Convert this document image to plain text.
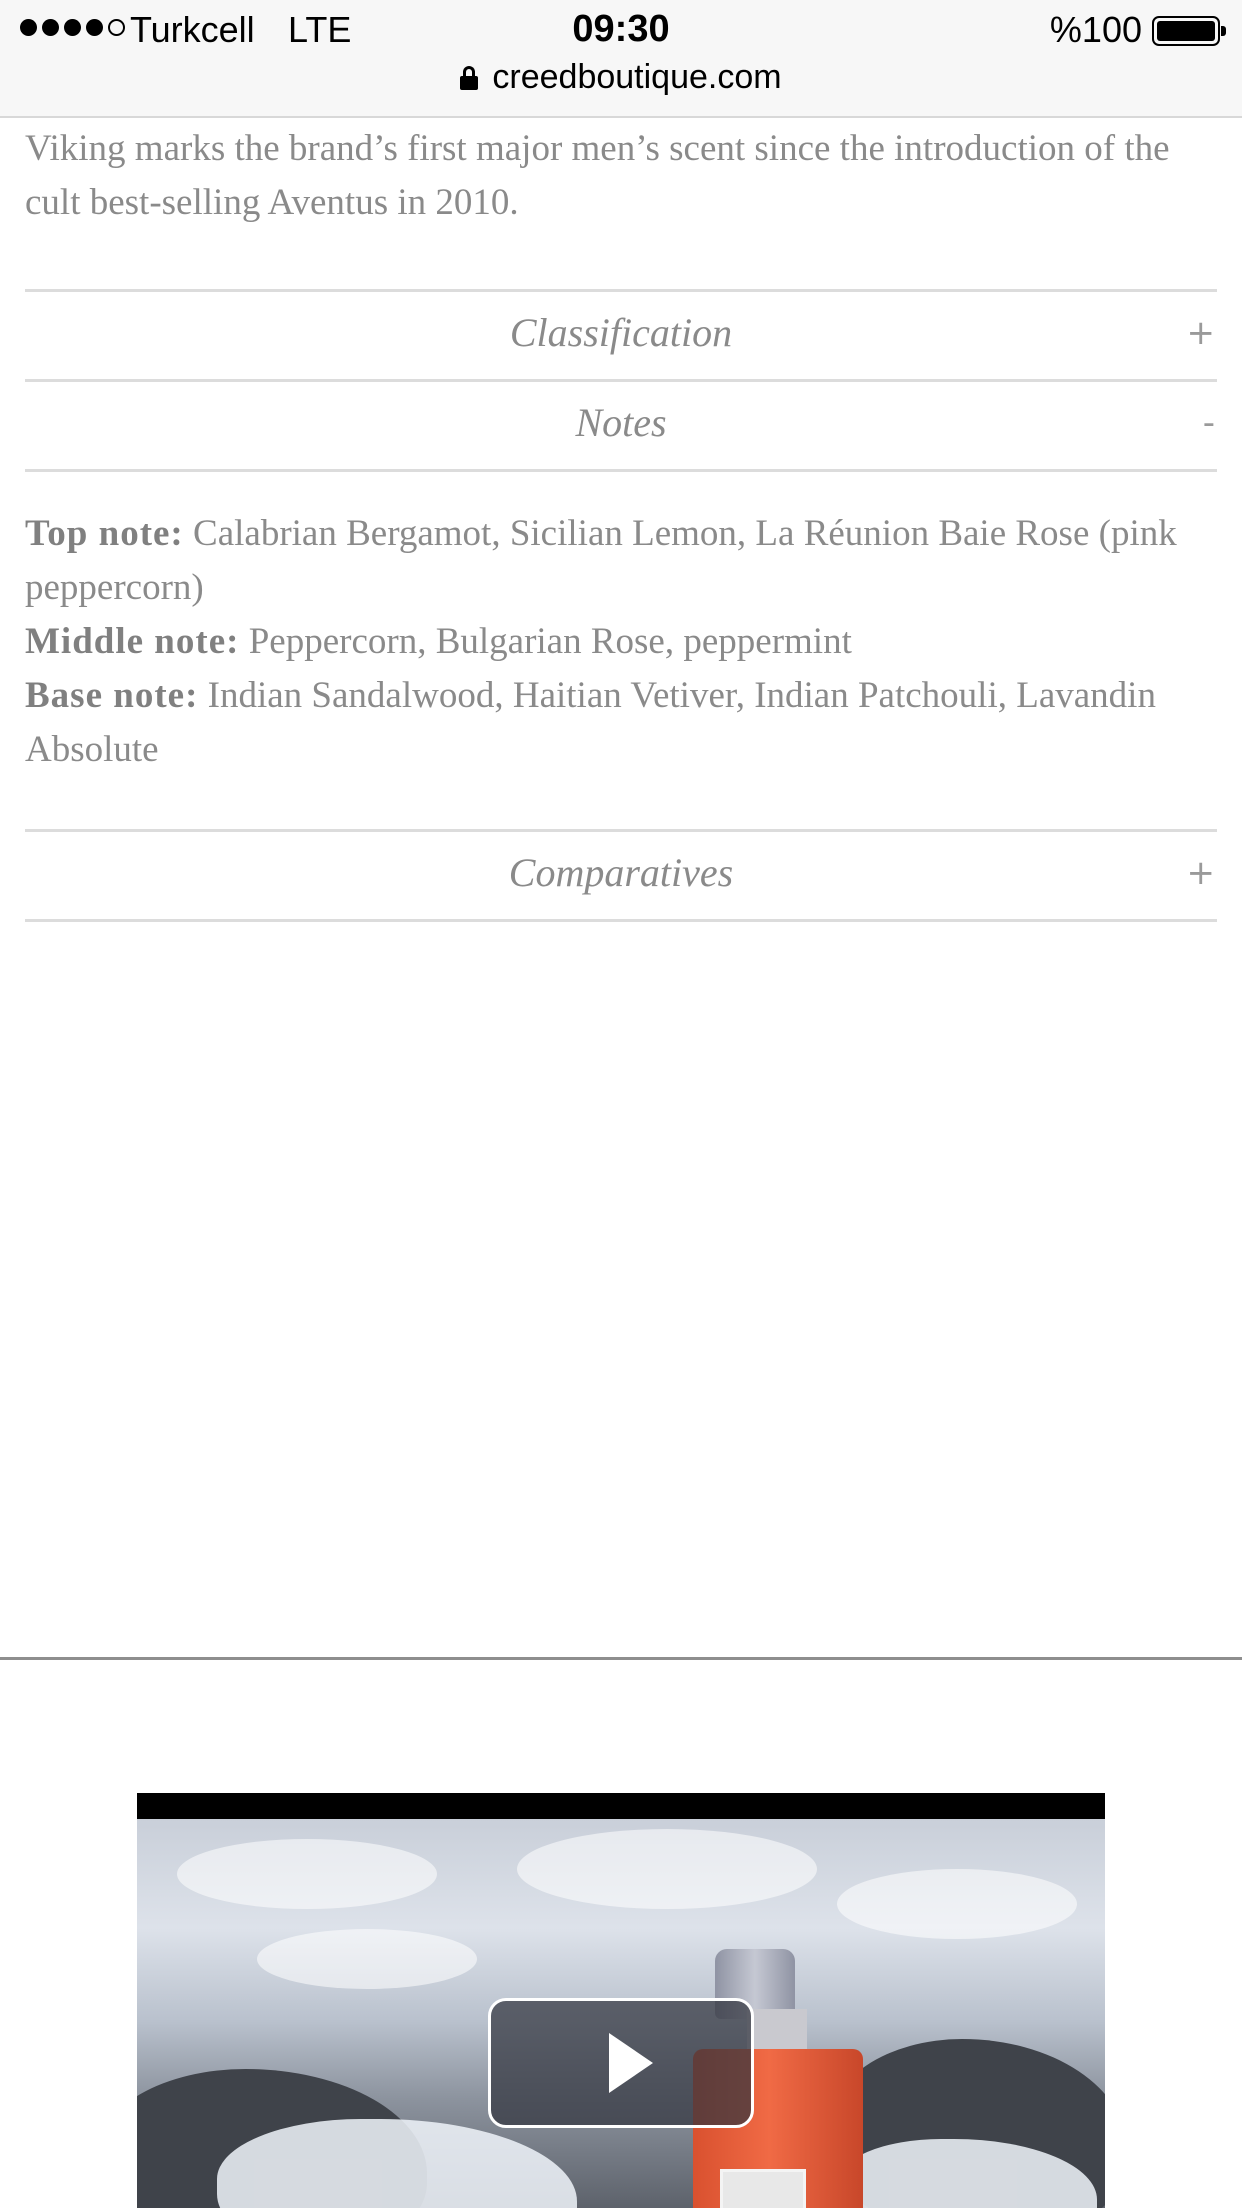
Turkcell LTE	09:30	%100
creedboutique.com
Viking marks the brand’s first major men’s scent since the introduction of the cult best-selling Aventus in 2010.
Classification	+
Notes	-

Top note: Calabrian Bergamot, Sicilian Lemon, La Réunion Baie Rose (pink peppercorn)

Middle note: Peppercorn, Bulgarian Rose, peppermint

Base note: Indian Sandalwood, Haitian Vetiver, Indian Patchouli, Lavandin Absolute

Comparatives	+
